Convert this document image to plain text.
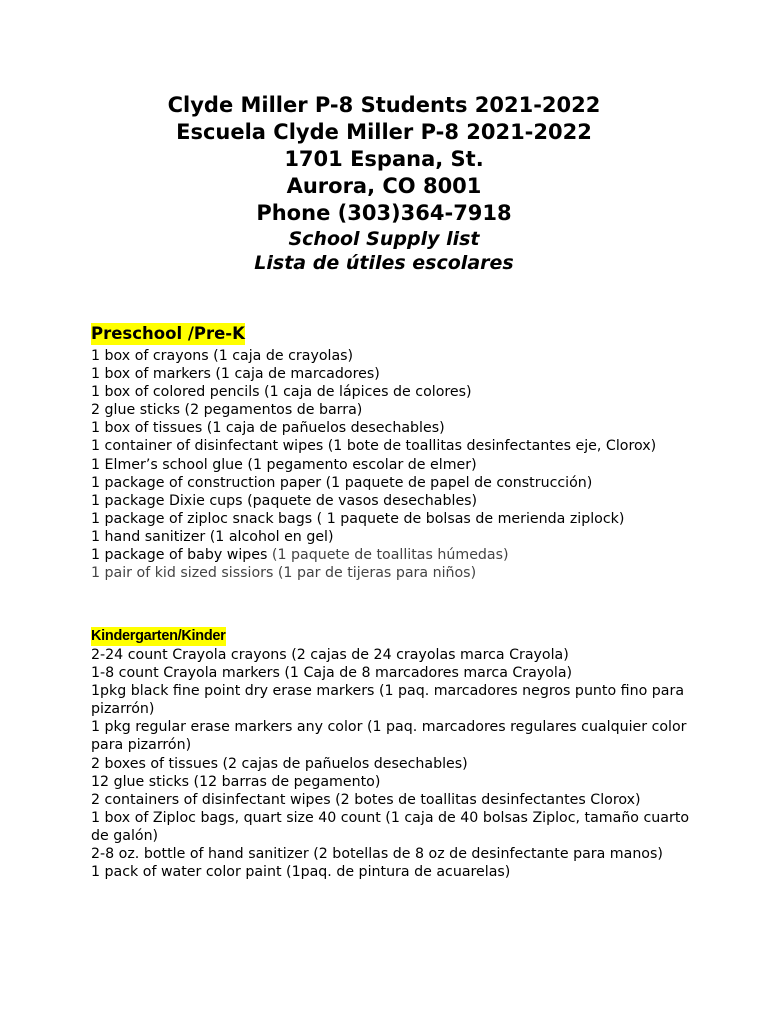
Clyde Miller P-8 Students 2021-2022

Escuela Clyde Miller P-8 2021-2022

1701 Espana, St.

Aurora, CO 8001

Phone (303)364-7918

School Supply list

Lista de útiles escolares

Preschool /Pre-K
1 box of crayons (1 caja de crayolas)
1 box of markers (1 caja de marcadores)
1 box of colored pencils (1 caja de lápices de colores)
2 glue sticks (2 pegamentos de barra)
1 box of tissues (1 caja de pañuelos desechables)
1 container of disinfectant wipes (1 bote de toallitas desinfectantes eje, Clorox)
1 Elmer’s school glue (1 pegamento escolar de elmer)
1 package of construction paper (1 paquete de papel de construcción)
1 package Dixie cups (paquete de vasos desechables)
1 package of ziploc snack bags ( 1 paquete de bolsas de merienda ziplock)
1 hand sanitizer (1 alcohol en gel)
1 package of baby wipes (1 paquete de toallitas húmedas)
1 pair of kid sized sissiors (1 par de tijeras para niños)
Kindergarten/Kinder
2-24 count Crayola crayons (2 cajas de 24 crayolas marca Crayola)
1-8 count Crayola markers (1 Caja de 8 marcadores marca Crayola)
1pkg black fine point dry erase markers (1 paq. marcadores negros punto fino para pizarrón)
1 pkg regular erase markers any color (1 paq. marcadores regulares cualquier color para pizarrón)
2 boxes of tissues (2 cajas de pañuelos desechables)
12 glue sticks (12 barras de pegamento)
2 containers of disinfectant wipes (2 botes de toallitas desinfectantes Clorox)
1 box of Ziploc bags, quart size 40 count (1 caja de 40 bolsas Ziploc, tamaño cuarto de galón)
2-8 oz. bottle of hand sanitizer (2 botellas de 8 oz de desinfectante para manos)
1 pack of water color paint (1paq. de pintura de acuarelas)
